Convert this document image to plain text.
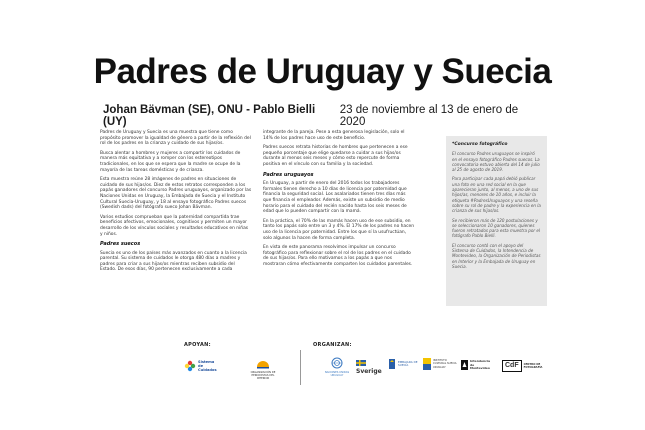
Padres de Uruguay y Suecia
Johan Bävman (SE), ONU - Pablo Bielli (UY)
23 de noviembre al 13 de enero de 2020

Padres de Uruguay y Suecia es una muestra que tiene como propósito promover la igualdad de género a partir de la reflexión del rol de los padres en la crianza y cuidado de sus hijas/os.

Busca alentar a hombres y mujeres a compartir los cuidados de manera más equitativa y a romper con los estereotipos tradicionales, en los que se espera que la madre se ocupe de la mayoría de las tareas domésticas y de crianza.

Esta muestra reúne 28 imágenes de padres en situaciones de cuidado de sus hijas/os. Diez de estos retratos corresponden a los papás ganadores del concurso Padres uruguayos, organizado por las Naciones Unidas en Uruguay, la Embajada de Suecia y el Instituto Cultural Suecia-Uruguay, y 18 al ensayo fotográfico Padres suecos (Swedish dads) del fotógrafo sueco Johan Bävman.

Varios estudios comprueban que la paternidad compartida trae beneficios afectivos, emocionales, cognitivos y permiten un mayor desarrollo de los vínculos sociales y resultados educativos en niñas y niños.

Padres suecos

Suecia es uno de los países más avanzados en cuanto a la licencia parental. Su sistema de cuidados le otorga 480 días a madres y padres para criar a sus hijas/os mientras reciben subsidio del Estado. De esos días, 90 pertenecen exclusivamente a cada

integrante de la pareja. Pese a esta generosa legislación, solo el 14% de los padres hace uso de este beneficio.

Padres suecos retrata historias de hombres que pertenecen a ese pequeño porcentaje que elige quedarse a cuidar a sus hijas/os durante al menos seis meses y cómo esto repercute de forma positiva en el vínculo con su familia y la sociedad.

Padres uruguayos

En Uruguay, a partir de enero del 2016 todos los trabajadores formales tienen derecho a 10 días de licencia por paternidad que financia la seguridad social. Los asalariados tienen tres días más que financia el empleador. Además, existe un subsidio de medio horario para el cuidado del recién nacido hasta los seis meses de edad que lo pueden compartir con la mamá.

En la práctica, el 70% de las mamás hacen uso de ese subsidio, en tanto los papás solo entre un 3 y 4%. El 17% de los padres no hacen uso de la licencia por paternidad. Entre los que sí la usufructúan, solo algunos la hacen de forma completa.

En vista de este panorama resolvimos impulsar un concurso fotográfico para reflexionar sobre el rol de los padres en el cuidado de sus hijas/os. Para ello motivamos a los papás a que nos mostraran cómo efectivamente comparten los cuidados parentales.

*Concurso fotográfico

El concurso Padres uruguayos se inspiró en el ensayo fotográfico Padres suecos. La convocatoria estuvo abierta del 14 de julio al 25 de agosto de 2019.

Para participar cada papá debió publicar una foto en una red social en la que aparecieran junto, al menos, a uno de sus hijos/as, menores de 10 años, e incluir la etiqueta #PadresUruguayos y una reseña sobre su rol de padre y la experiencia en la crianza de sus hijas/os.

Se recibieron más de 120 postulaciones y se seleccionaron 10 ganadores, quienes fueron retratados para esta muestra por el fotógrafo Pablo Bielli.

El concurso contó con el apoyo del Sistema de Cuidados, la Intendencia de Montevideo, la Organización de Periodistas en Interior y la Embajada de Uruguay en Suecia.

APOYAN:	ORGANIZAN:
Sistema de Cuidados
ORGANIZACIÓN DE PERIODISTAS DEL INTERIOR
NACIONES UNIDAS URUGUAY
Sverige
EMBAJADA DE SUECIA
INSTITUTO CULTURAL SUECIA URUGUAY
Intendencia de Montevideo	CdF	CENTRO DE FOTOGRAFÍA
